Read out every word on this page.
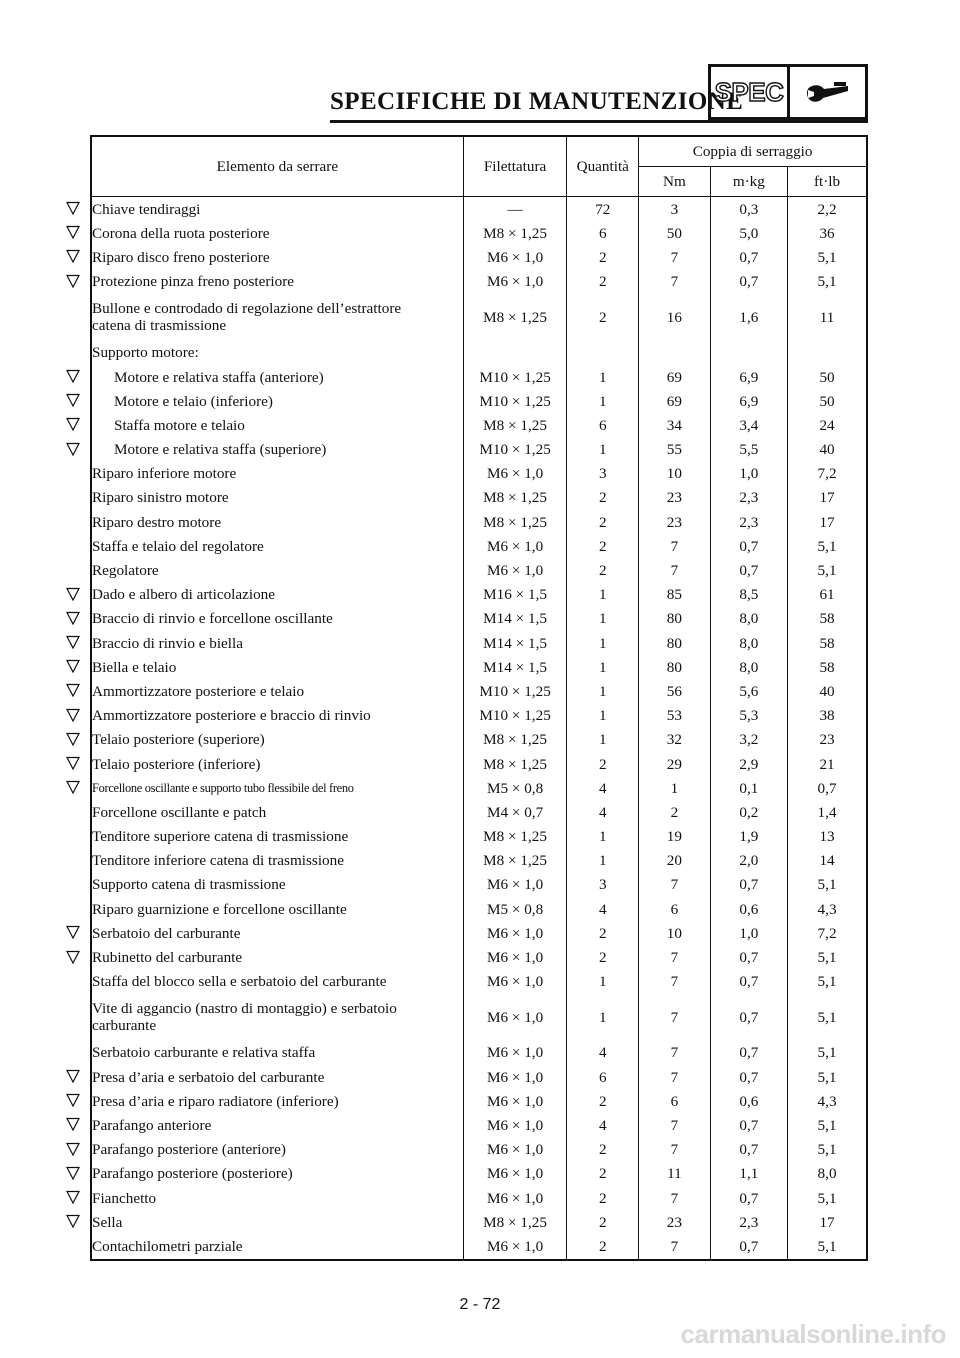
SPECIFICHE DI MANUTENZIONE
SPEC
	Elemento da serrare	Filettatura	Quantità	Coppia di serraggio		
			Nm	m·kg	ft·lb

Chiave tendiraggi	—	72	3	0,3	2,2

Corona della ruota posteriore	M8 × 1,25	6	50	5,0	36

Riparo disco freno posteriore	M6 × 1,0	2	7	0,7	5,1

Protezione pinza freno posteriore	M6 × 1,0	2	7	0,7	5,1
	Bullone e controdado di regolazione dell’estrattore
catena di trasmissione	M8 × 1,25	2	16	1,6	11
	Supporto motore:					

Motore e relativa staffa (anteriore)	M10 × 1,25	1	69	6,9	50

Motore e telaio (inferiore)	M10 × 1,25	1	69	6,9	50

Staffa motore e telaio	M8 × 1,25	6	34	3,4	24

Motore e relativa staffa (superiore)	M10 × 1,25	1	55	5,5	40
	Riparo inferiore motore	M6 × 1,0	3	10	1,0	7,2
	Riparo sinistro motore	M8 × 1,25	2	23	2,3	17
	Riparo destro motore	M8 × 1,25	2	23	2,3	17
	Staffa e telaio del regolatore	M6 × 1,0	2	7	0,7	5,1
	Regolatore	M6 × 1,0	2	7	0,7	5,1

Dado e albero di articolazione	M16 × 1,5	1	85	8,5	61

Braccio di rinvio e forcellone oscillante	M14 × 1,5	1	80	8,0	58

Braccio di rinvio e biella	M14 × 1,5	1	80	8,0	58

Biella e telaio	M14 × 1,5	1	80	8,0	58

Ammortizzatore posteriore e telaio	M10 × 1,25	1	56	5,6	40

Ammortizzatore posteriore e braccio di rinvio	M10 × 1,25	1	53	5,3	38

Telaio posteriore (superiore)	M8 × 1,25	1	32	3,2	23

Telaio posteriore (inferiore)	M8 × 1,25	2	29	2,9	21

Forcellone oscillante e supporto tubo flessibile del freno	M5 × 0,8	4	1	0,1	0,7
	Forcellone oscillante e patch	M4 × 0,7	4	2	0,2	1,4
	Tenditore superiore catena di trasmissione	M8 × 1,25	1	19	1,9	13
	Tenditore inferiore catena di trasmissione	M8 × 1,25	1	20	2,0	14
	Supporto catena di trasmissione	M6 × 1,0	3	7	0,7	5,1
	Riparo guarnizione e forcellone oscillante	M5 × 0,8	4	6	0,6	4,3

Serbatoio del carburante	M6 × 1,0	2	10	1,0	7,2

Rubinetto del carburante	M6 × 1,0	2	7	0,7	5,1
	Staffa del blocco sella e serbatoio del carburante	M6 × 1,0	1	7	0,7	5,1
	Vite di aggancio (nastro di montaggio) e serbatoio
carburante	M6 × 1,0	1	7	0,7	5,1
	Serbatoio carburante e relativa staffa	M6 × 1,0	4	7	0,7	5,1

Presa d’aria e serbatoio del carburante	M6 × 1,0	6	7	0,7	5,1

Presa d’aria e riparo radiatore (inferiore)	M6 × 1,0	2	6	0,6	4,3

Parafango anteriore	M6 × 1,0	4	7	0,7	5,1

Parafango posteriore (anteriore)	M6 × 1,0	2	7	0,7	5,1

Parafango posteriore (posteriore)	M6 × 1,0	2	11	1,1	8,0

Fianchetto	M6 × 1,0	2	7	0,7	5,1

Sella	M8 × 1,25	2	23	2,3	17
	Contachilometri parziale	M6 × 1,0	2	7	0,7	5,1
2 - 72
carmanualsonline.info
